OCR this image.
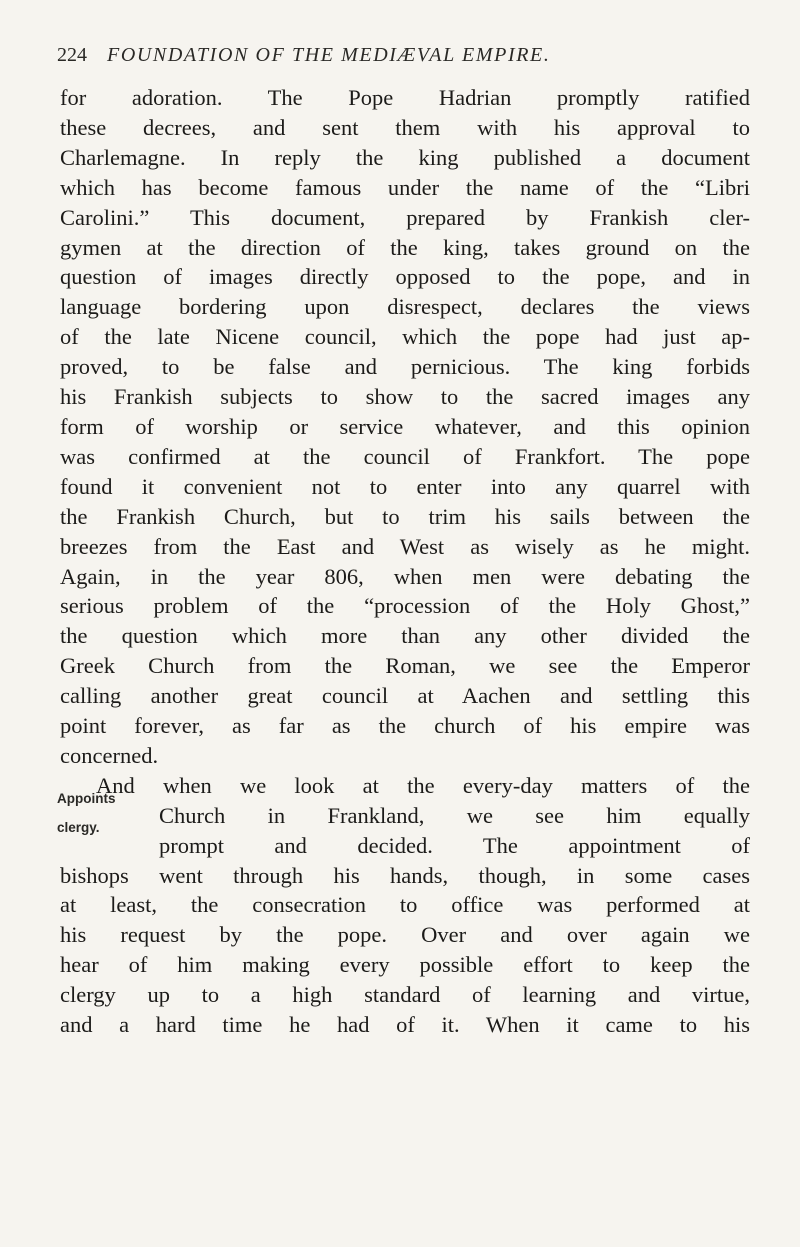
224 FOUNDATION OF THE MEDIÆVAL EMPIRE.
for adoration. The Pope Hadrian promptly ratified
these decrees, and sent them with his approval to
Charlemagne. In reply the king published a document
which has become famous under the name of the “Libri
Carolini.” This document, prepared by Frankish cler-
gymen at the direction of the king, takes ground on the
question of images directly opposed to the pope, and in
language bordering upon disrespect, declares the views
of the late Nicene council, which the pope had just ap-
proved, to be false and pernicious. The king forbids
his Frankish subjects to show to the sacred images any
form of worship or service whatever, and this opinion
was confirmed at the council of Frankfort. The pope
found it convenient not to enter into any quarrel with
the Frankish Church, but to trim his sails between the
breezes from the East and West as wisely as he might.
Again, in the year 806, when men were debating the
serious problem of the “procession of the Holy Ghost,”
the question which more than any other divided the
Greek Church from the Roman, we see the Emperor
calling another great council at Aachen and settling this
point forever, as far as the church of his empire was
concerned.
And when we look at the every-day matters of the
Church in Frankland, we see him equally
prompt and decided. The appointment of
bishops went through his hands, though, in some cases
at least, the consecration to office was performed at
his request by the pope. Over and over again we
hear of him making every possible effort to keep the
clergy up to a high standard of learning and virtue,
and a hard time he had of it. When it came to his
Appoints
clergy.
